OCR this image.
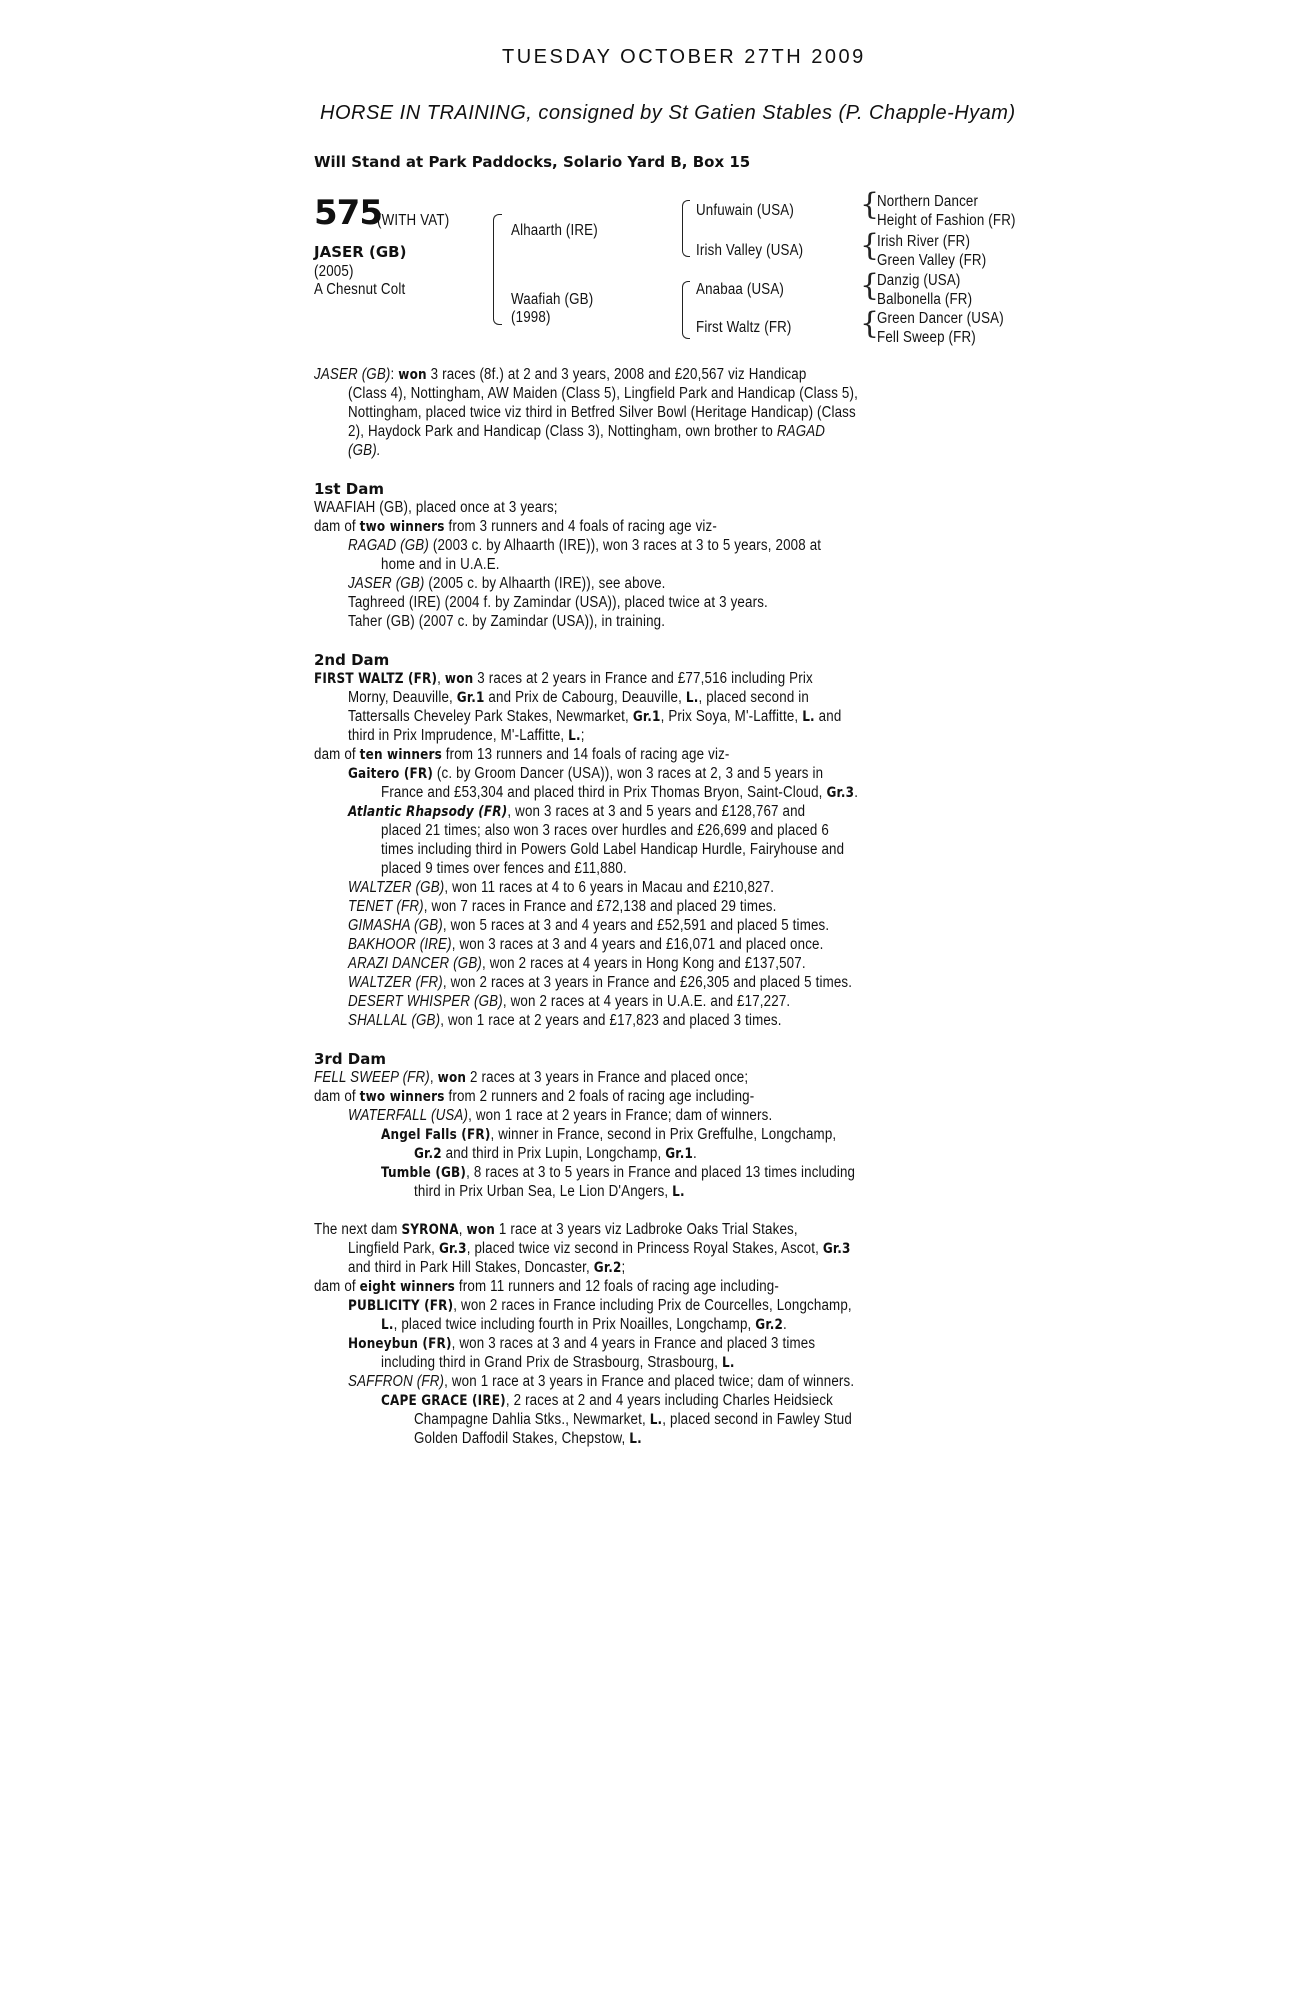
TUESDAY OCTOBER 27TH 2009
HORSE IN TRAINING, consigned by St Gatien Stables (P. Chapple-Hyam)
Will Stand at Park Paddocks, Solario Yard B, Box 15
575
(WITH VAT)
JASER (GB)
(2005)
A Chesnut Colt
Alhaarth (IRE)
Waafiah (GB)
(1998)
Unfuwain (USA)
Irish Valley (USA)
Anabaa (USA)
First Waltz (FR)
{
{
{
{
Northern Dancer
Height of Fashion (FR)
Irish River (FR)
Green Valley (FR)
Danzig (USA)
Balbonella (FR)
Green Dancer (USA)
Fell Sweep (FR)
JASER (GB): won 3 races (8f.) at 2 and 3 years, 2008 and £20,567 viz Handicap
(Class 4), Nottingham, AW Maiden (Class 5), Lingfield Park and Handicap (Class 5),
Nottingham, placed twice viz third in Betfred Silver Bowl (Heritage Handicap) (Class
2), Haydock Park and Handicap (Class 3), Nottingham, own brother to RAGAD
(GB).
1st Dam
WAAFIAH (GB), placed once at 3 years;
dam of two winners from 3 runners and 4 foals of racing age viz-
RAGAD (GB) (2003 c. by Alhaarth (IRE)), won 3 races at 3 to 5 years, 2008 at
home and in U.A.E.
JASER (GB) (2005 c. by Alhaarth (IRE)), see above.
Taghreed (IRE) (2004 f. by Zamindar (USA)), placed twice at 3 years.
Taher (GB) (2007 c. by Zamindar (USA)), in training.
2nd Dam
FIRST WALTZ (FR), won 3 races at 2 years in France and £77,516 including Prix
Morny, Deauville, Gr.1 and Prix de Cabourg, Deauville, L., placed second in
Tattersalls Cheveley Park Stakes, Newmarket, Gr.1, Prix Soya, M'-Laffitte, L. and
third in Prix Imprudence, M'-Laffitte, L.;
dam of ten winners from 13 runners and 14 foals of racing age viz-
Gaitero (FR) (c. by Groom Dancer (USA)), won 3 races at 2, 3 and 5 years in
France and £53,304 and placed third in Prix Thomas Bryon, Saint-Cloud, Gr.3.
Atlantic Rhapsody (FR), won 3 races at 3 and 5 years and £128,767 and
placed 21 times; also won 3 races over hurdles and £26,699 and placed 6
times including third in Powers Gold Label Handicap Hurdle, Fairyhouse and
placed 9 times over fences and £11,880.
WALTZER (GB), won 11 races at 4 to 6 years in Macau and £210,827.
TENET (FR), won 7 races in France and £72,138 and placed 29 times.
GIMASHA (GB), won 5 races at 3 and 4 years and £52,591 and placed 5 times.
BAKHOOR (IRE), won 3 races at 3 and 4 years and £16,071 and placed once.
ARAZI DANCER (GB), won 2 races at 4 years in Hong Kong and £137,507.
WALTZER (FR), won 2 races at 3 years in France and £26,305 and placed 5 times.
DESERT WHISPER (GB), won 2 races at 4 years in U.A.E. and £17,227.
SHALLAL (GB), won 1 race at 2 years and £17,823 and placed 3 times.
3rd Dam
FELL SWEEP (FR), won 2 races at 3 years in France and placed once;
dam of two winners from 2 runners and 2 foals of racing age including-
WATERFALL (USA), won 1 race at 2 years in France; dam of winners.
Angel Falls (FR), winner in France, second in Prix Greffulhe, Longchamp,
Gr.2 and third in Prix Lupin, Longchamp, Gr.1.
Tumble (GB), 8 races at 3 to 5 years in France and placed 13 times including
third in Prix Urban Sea, Le Lion D'Angers, L.
The next dam SYRONA, won 1 race at 3 years viz Ladbroke Oaks Trial Stakes,
Lingfield Park, Gr.3, placed twice viz second in Princess Royal Stakes, Ascot, Gr.3
and third in Park Hill Stakes, Doncaster, Gr.2;
dam of eight winners from 11 runners and 12 foals of racing age including-
PUBLICITY (FR), won 2 races in France including Prix de Courcelles, Longchamp,
L., placed twice including fourth in Prix Noailles, Longchamp, Gr.2.
Honeybun (FR), won 3 races at 3 and 4 years in France and placed 3 times
including third in Grand Prix de Strasbourg, Strasbourg, L.
SAFFRON (FR), won 1 race at 3 years in France and placed twice; dam of winners.
CAPE GRACE (IRE), 2 races at 2 and 4 years including Charles Heidsieck
Champagne Dahlia Stks., Newmarket, L., placed second in Fawley Stud
Golden Daffodil Stakes, Chepstow, L.
